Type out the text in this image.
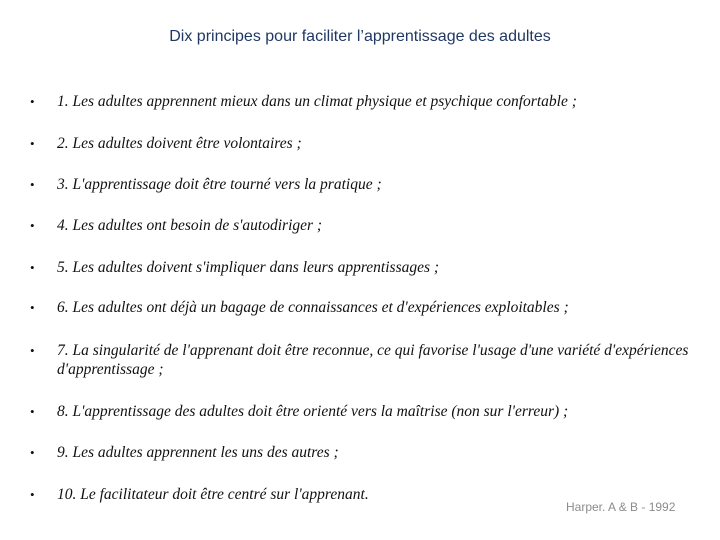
Dix principes pour faciliter l’apprentissage des adultes
• 1. Les adultes apprennent mieux dans un climat physique et psychique confortable ;
• 2. Les adultes doivent être volontaires ;
• 3. L'apprentissage doit être tourné vers la pratique ;
• 4. Les adultes ont besoin de s'autodiriger ;
• 5. Les adultes doivent s'impliquer dans leurs apprentissages ;
• 6. Les adultes ont déjà un bagage de connaissances et d'expériences exploitables ;
• 7. La singularité de l'apprenant doit être reconnue, ce qui favorise l'usage d'une variété d'expériences d'apprentissage ;
• 8. L'apprentissage des adultes doit être orienté vers la maîtrise (non sur l'erreur) ;
• 9. Les adultes apprennent les uns des autres ;
• 10. Le facilitateur doit être centré sur l'apprenant.
Harper. A & B - 1992
